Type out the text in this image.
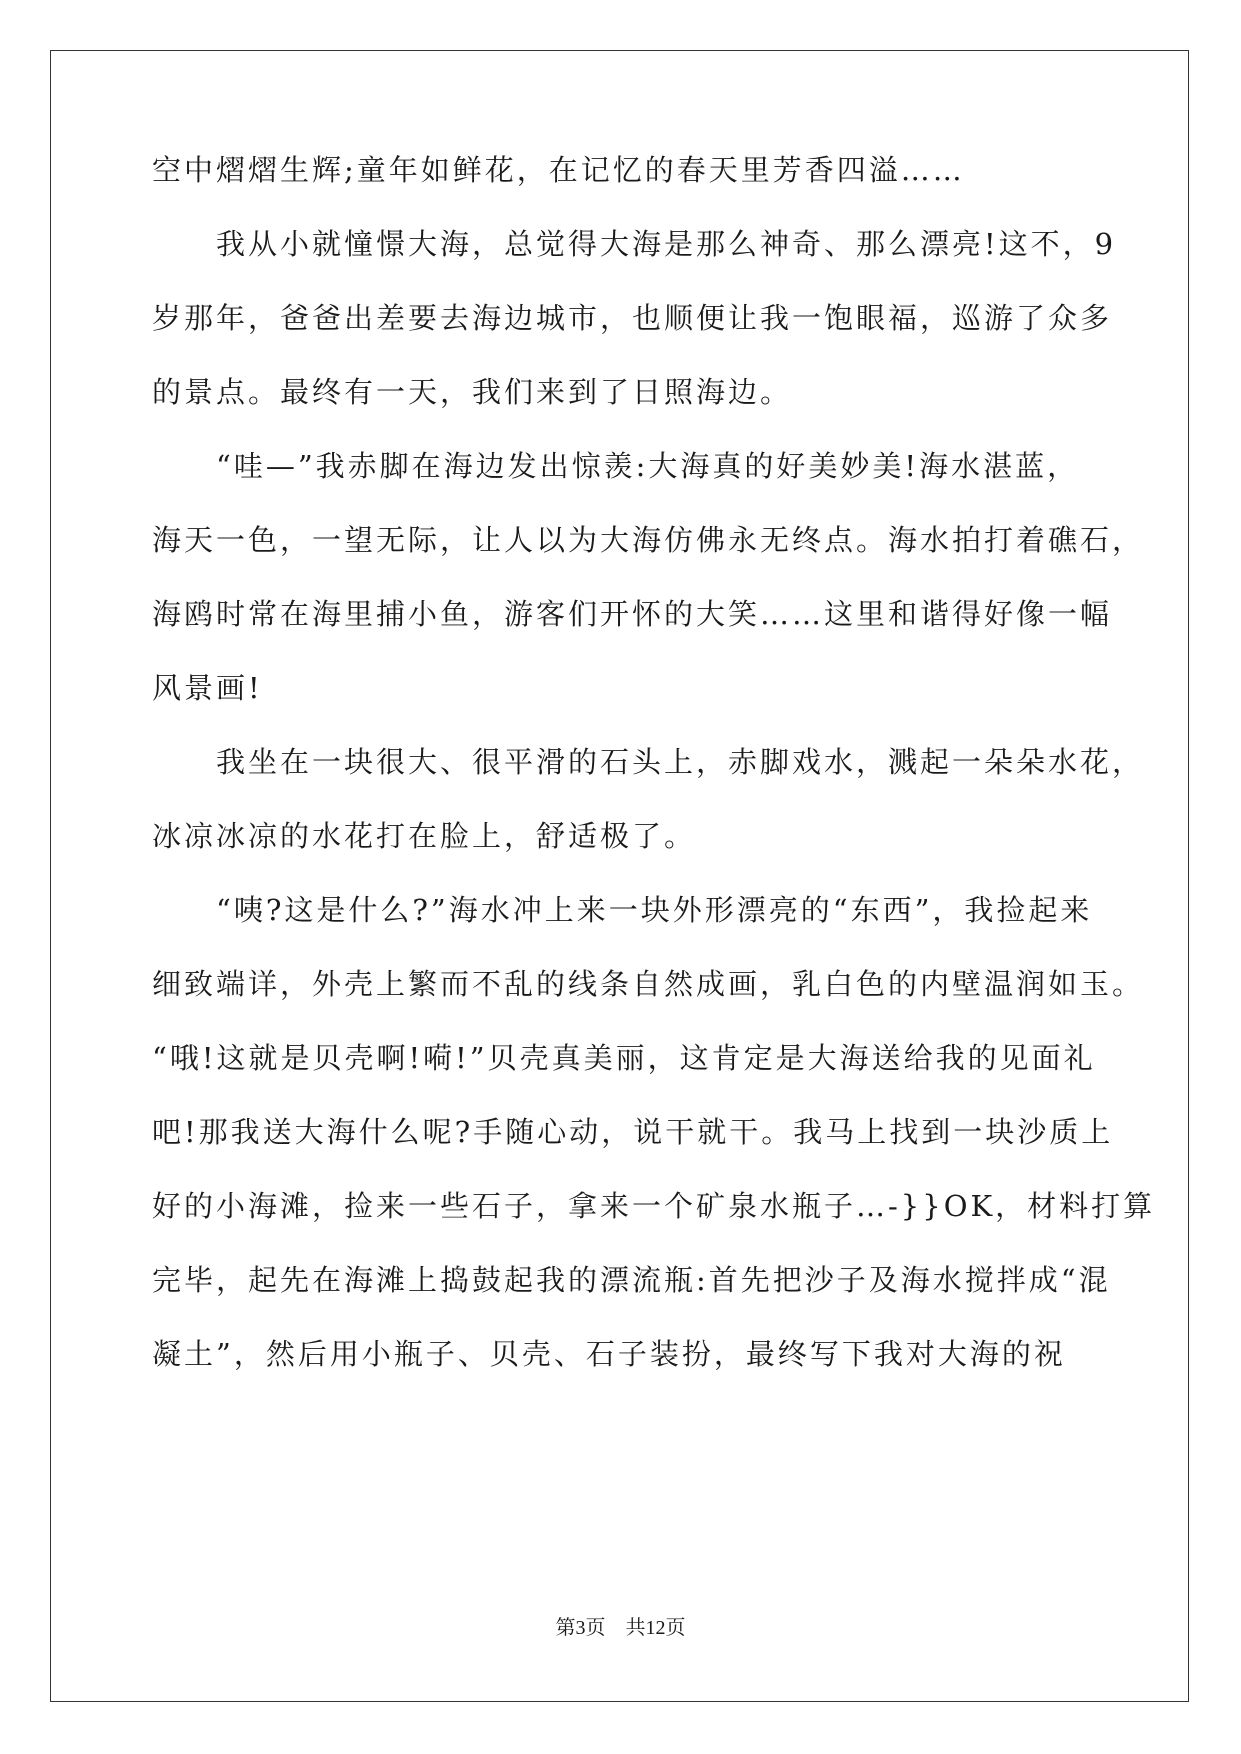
空中熠熠生辉;童年如鲜花，在记忆的春天里芳香四溢……
　　我从小就憧憬大海，总觉得大海是那么神奇、那么漂亮!这不，9
岁那年，爸爸出差要去海边城市，也顺便让我一饱眼福，巡游了众多
的景点。最终有一天，我们来到了日照海边。
　　“哇—”我赤脚在海边发出惊羡:大海真的好美妙美!海水湛蓝，
海天一色，一望无际，让人以为大海仿佛永无终点。海水拍打着礁石，
海鸥时常在海里捕小鱼，游客们开怀的大笑……这里和谐得好像一幅
风景画!
　　我坐在一块很大、很平滑的石头上，赤脚戏水，溅起一朵朵水花，
冰凉冰凉的水花打在脸上，舒适极了。
　　“咦?这是什么?”海水冲上来一块外形漂亮的“东西”，我捡起来
细致端详，外壳上繁而不乱的线条自然成画，乳白色的内壁温润如玉。
“哦!这就是贝壳啊!嗬!”贝壳真美丽，这肯定是大海送给我的见面礼
吧!那我送大海什么呢?手随心动，说干就干。我马上找到一块沙质上
好的小海滩，捡来一些石子，拿来一个矿泉水瓶子…-}}OK，材料打算
完毕，起先在海滩上捣鼓起我的漂流瓶:首先把沙子及海水搅拌成“混
凝土”，然后用小瓶子、贝壳、石子装扮，最终写下我对大海的祝
第3页　共12页
